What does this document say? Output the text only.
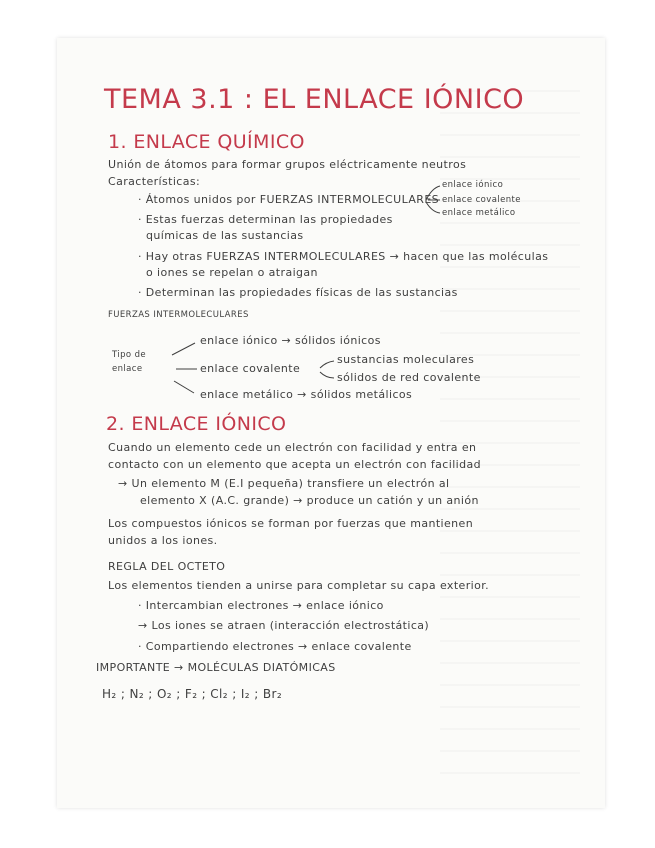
TEMA 3.1 : EL ENLACE IÓNICO
1. ENLACE QUÍMICO
Unión de átomos para formar grupos eléctricamente neutros
Características:
· Átomos unidos por FUERZAS INTERMOLECULARES
enlace iónico
enlace covalente
enlace metálico
· Estas fuerzas determinan las propiedades
químicas de las sustancias
· Hay otras FUERZAS INTERMOLECULARES → hacen que las moléculas
o iones se repelan o atraigan
· Determinan las propiedades físicas de las sustancias
FUERZAS INTERMOLECULARES
Tipo de
enlace
enlace iónico → sólidos iónicos
enlace covalente
sustancias moleculares
sólidos de red covalente
enlace metálico → sólidos metálicos
2. ENLACE IÓNICO
Cuando un elemento cede un electrón con facilidad y entra en
contacto con un elemento que acepta un electrón con facilidad
→ Un elemento M (E.I pequeña) transfiere un electrón al
elemento X (A.C. grande) → produce un catión y un anión
Los compuestos iónicos se forman por fuerzas que mantienen
unidos a los iones.
REGLA DEL OCTETO
Los elementos tienden a unirse para completar su capa exterior.
· Intercambian electrones → enlace iónico
→ Los iones se atraen (interacción electrostática)
· Compartiendo electrones → enlace covalente
IMPORTANTE → MOLÉCULAS DIATÓMICAS
H₂ ; N₂ ; O₂ ; F₂ ; Cl₂ ; I₂ ; Br₂
